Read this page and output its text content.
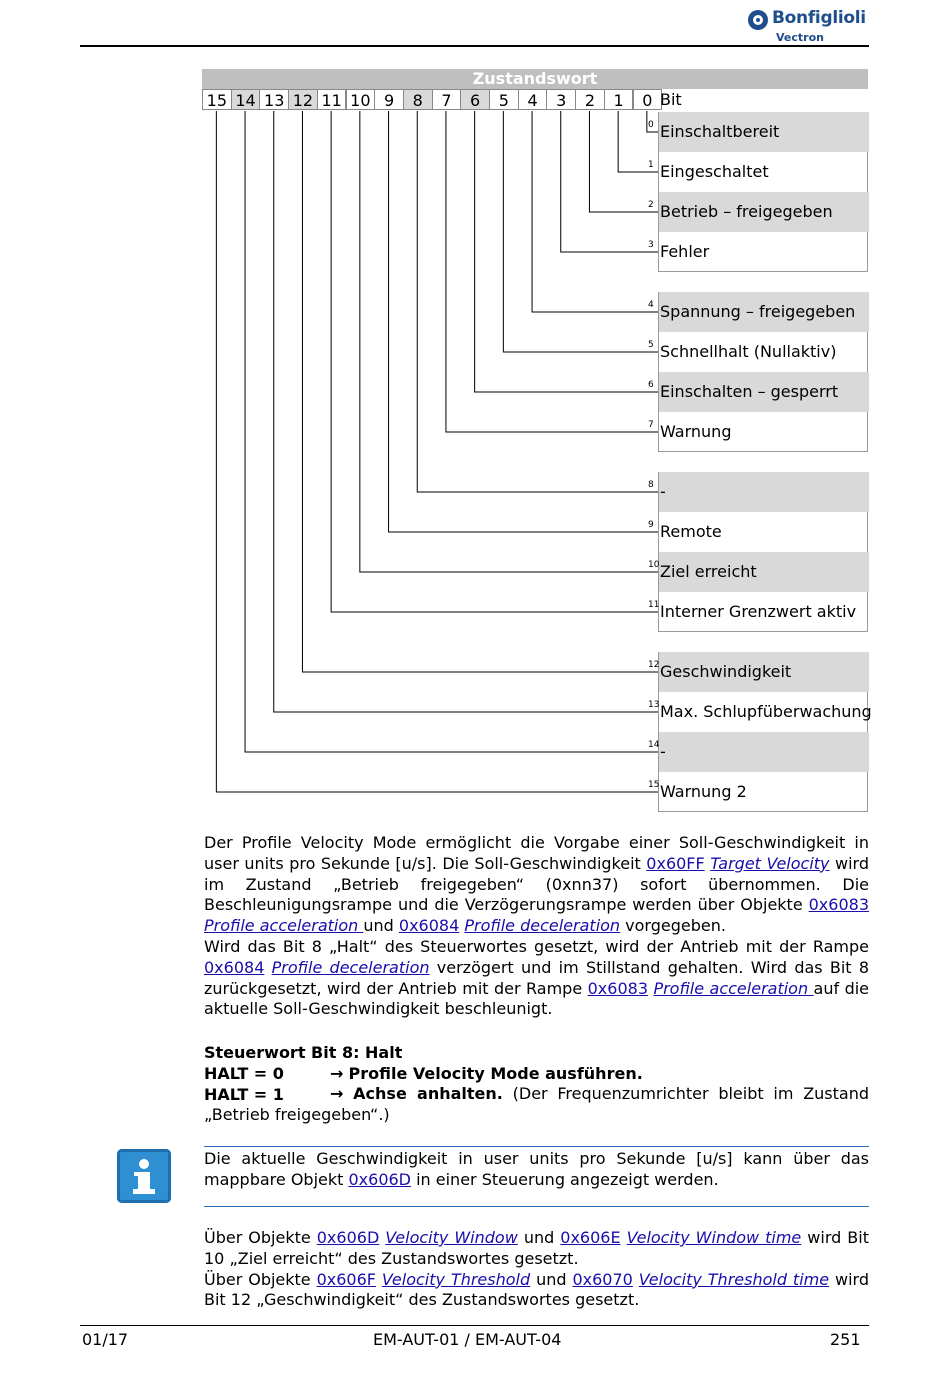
Bonfiglioli
Vectron
Zustandswort
15 14 13 12 11 10 9	8	7	6	5	4	3	2	1	0 Bit
Einschaltbereit
0
Eingeschaltet
1
Betrieb – freigegeben
2
Fehler
3
Spannung – freigegeben
4
Schnellhalt (Nullaktiv)
5
Einschalten – gesperrt
6
Warnung
7
-
8
Remote
9
Ziel erreicht
10
Interner Grenzwert aktiv
11
Geschwindigkeit
12
Max. Schlupfüberwachung
13
-
14
Warnung 2
15
Der Profile Velocity Mode ermöglicht die Vorgabe einer Soll-Geschwindigkeit in user units pro Sekunde [u/s]. Die Soll-Geschwindigkeit 0x60FF Target Velocity wird im Zustand „Betrieb freigegeben“ (0xnn37) sofort übernommen. Die Beschleunigungsrampe und die Verzögerungsrampe werden über Objekte 0x6083 Profile acceleration und 0x6084 Profile deceleration vorgegeben.
Wird das Bit 8 „Halt“ des Steuerwortes gesetzt, wird der Antrieb mit der Rampe 0x6084 Profile deceleration verzögert und im Stillstand gehalten. Wird das Bit 8 zurückgesetzt, wird der Antrieb mit der Rampe 0x6083 Profile acceleration auf die aktuelle Soll-Geschwindigkeit beschleunigt.
Steuerwort Bit 8: Halt
HALT = 0	→ Profile Velocity Mode ausführen.
HALT = 1	→ Achse anhalten. (Der Frequenzumrichter bleibt im Zustand „Betrieb freigegeben“.)
Die aktuelle Geschwindigkeit in user units pro Sekunde [u/s] kann über das mappbare Objekt 0x606D in einer Steuerung angezeigt werden.
Über Objekte 0x606D Velocity Window und 0x606E Velocity Window time wird Bit 10 „Ziel erreicht“ des Zustandswortes gesetzt.
Über Objekte 0x606F Velocity Threshold und 0x6070 Velocity Threshold time wird Bit 12 „Geschwindigkeit“ des Zustandswortes gesetzt.
01/17	EM-AUT-01 / EM-AUT-04	251
